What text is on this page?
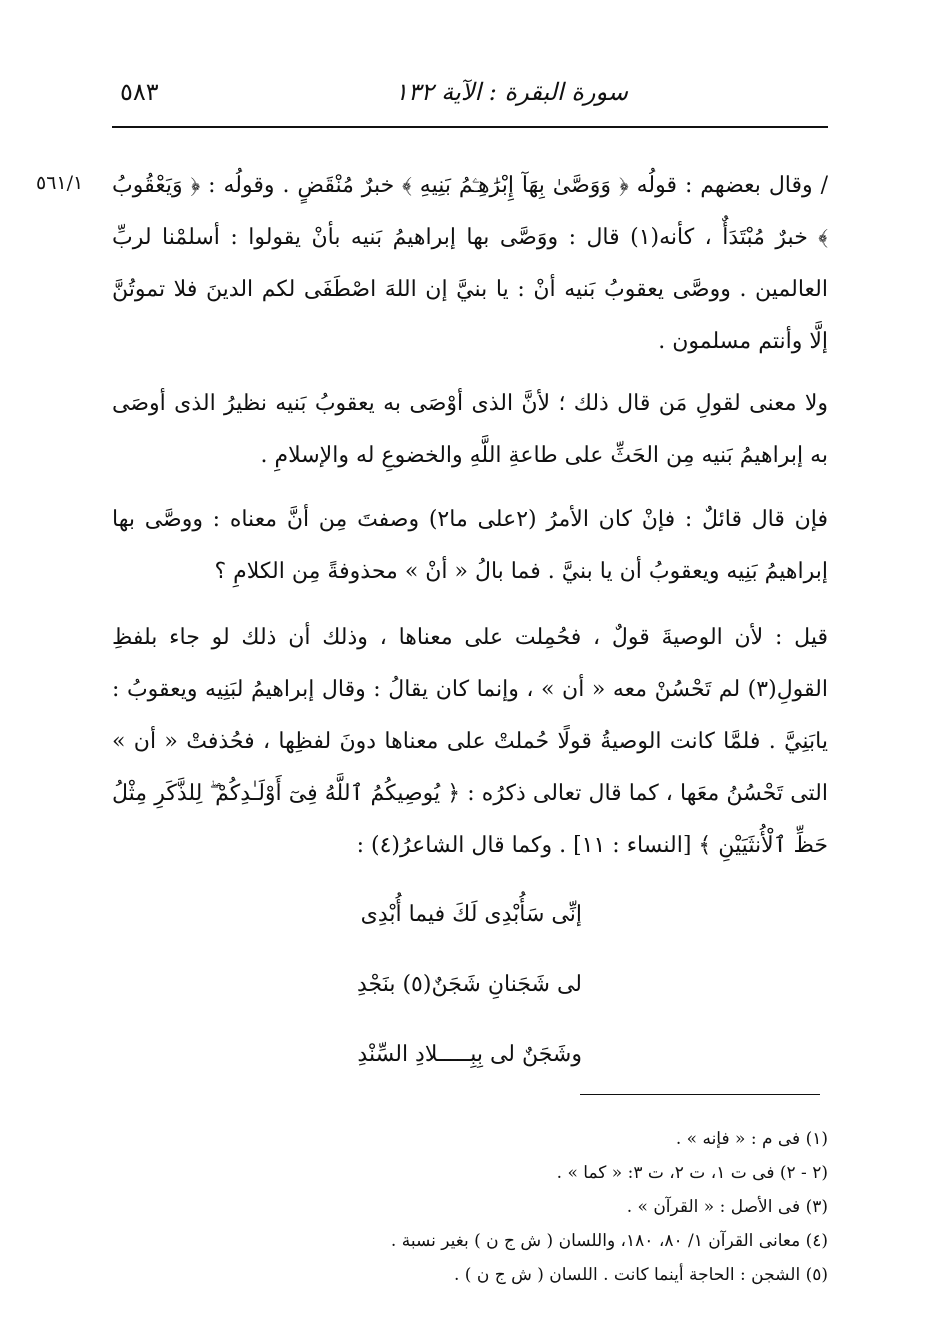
سورة البقرة : الآية ١٣٢
٥٨٣
٥٦١/١ / وقال بعضهم : قولُه ﴿ وَوَصَّىٰ بِهَآ إِبْرَٰهِـۧمُ بَنِيهِ ﴾ خبرٌ مُنْقَضٍ . وقولُه : ﴿ وَيَعْقُوبُ ﴾ خبرٌ مُبْتَدَأٌ ، كأنه(١) قال : ووَصَّى بها إبراهيمُ بَنيه بأنْ يقولوا : أسلمْنا لربِّ العالمين . ووصَّى يعقوبُ بَنيه أنْ : يا بنيَّ إن اللهَ اصْطَفَى لكم الدينَ فلا تموتُنَّ إلَّا وأنتم مسلمون .
ولا معنى لقولِ مَن قال ذلك ؛ لأنَّ الذى أوْصَى به يعقوبُ بَنيه نظيرُ الذى أوصَى به إبراهيمُ بَنيه مِن الحَثِّ على طاعةِ اللَّهِ والخضوعِ له والإسلامِ .
فإن قال قائلٌ : فإنْ كان الأمرُ (٢على ما٢) وصفتَ مِن أنَّ معناه : ووصَّى بها إبراهيمُ بَنِيه ويعقوبُ أن يا بنيَّ . فما بالُ « أنْ » محذوفةً مِن الكلامِ ؟
قيل : لأن الوصيةَ قولٌ ، فحُمِلت على معناها ، وذلك أن ذلك لو جاء بلفظِ القولِ(٣) لم تَحْسُنْ معه « أن » ، وإنما كان يقالُ : وقال إبراهيمُ لبَنِيه ويعقوبُ : يابَنِيَّ . فلمَّا كانت الوصيةُ قولًا حُملتْ على معناها دونَ لفظِها ، فحُذفتْ « أن » التى تَحْسُنُ معَها ، كما قال تعالى ذكرُه : ﴿ يُوصِيكُمُ ٱللَّهُ فِىٓ أَوْلَـٰدِكُمْ ۖ لِلذَّكَرِ مِثْلُ حَظِّ ٱلْأُنثَيَيْنِ ﴾ [النساء : ١١] . وكما قال الشاعرُ(٤) :
إنِّى سَأُبْدِى لَكَ فيما أُبْدِى
لى شَجَنانِ شَجَنٌ(٥) بنَجْدِ
وشَجَنٌ لى بِبِـــــلادِ السِّنْدِ
(١) فى م : « فإنه » .
(٢ - ٢) فى ت ١، ت ٢، ت ٣: « كما » .
(٣) فى الأصل : « القرآن » .
(٤) معانى القرآن ١/ ٨٠، ١٨٠، واللسان ( ش ج ن ) بغير نسبة .
(٥) الشجن : الحاجة أينما كانت . اللسان ( ش ج ن ) .
